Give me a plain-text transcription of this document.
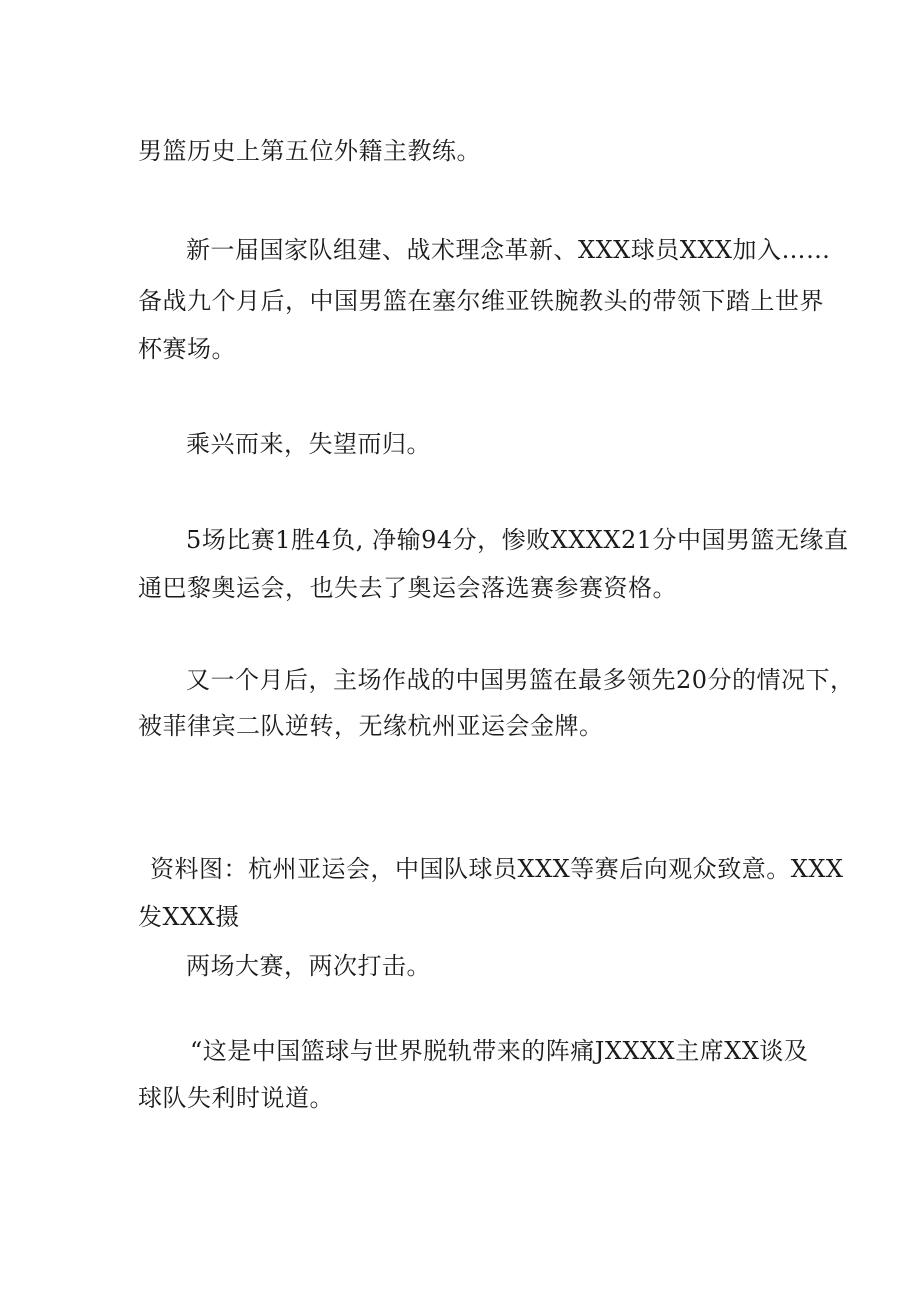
男篮历史上第五位外籍主教练。
新一届国家队组建、战术理念革新、XXX球员XXX加入……
备战九个月后，中国男篮在塞尔维亚铁腕教头的带领下踏上世界
杯赛场。
乘兴而来，失望而归。
5场比赛1胜4负, 净输94分，惨败XXXX21分中国男篮无缘直
通巴黎奥运会，也失去了奥运会落选赛参赛资格。
又一个月后，主场作战的中国男篮在最多领先20分的情况下，
被菲律宾二队逆转，无缘杭州亚运会金牌。
资料图：杭州亚运会，中国队球员XXX等赛后向观众致意。XXX
发XXX摄
两场大赛，两次打击。
“这是中国篮球与世界脱轨带来的阵痛JXXXX主席XX谈及
球队失利时说道。
